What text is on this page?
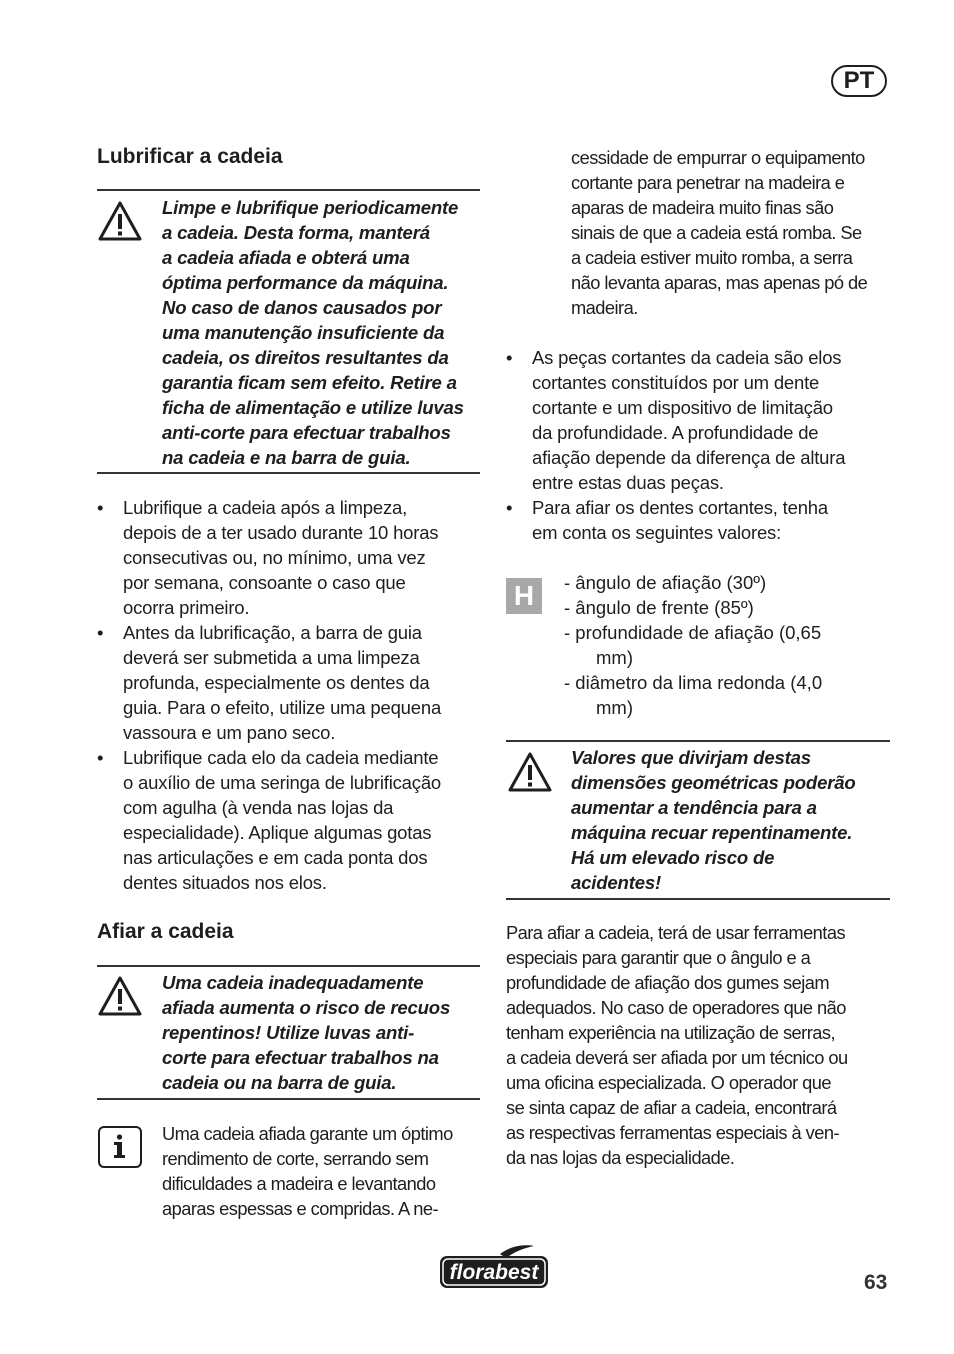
PT
Lubrificar a cadeia
Limpe e lubrifique periodicamente
a cadeia. Desta forma, manterá
a cadeia afiada e obterá uma
óptima performance da máquina.
No caso de danos causados por
uma manutenção insuficiente da
cadeia, os direitos resultantes da
garantia ficam sem efeito. Retire a
ficha de alimentação e utilize luvas
anti-corte para efectuar trabalhos
na cadeia e na barra de guia.
• Lubrifique a cadeia após a limpeza,
depois de a ter usado durante 10 horas
consecutivas ou, no mínimo, uma vez
por semana, consoante o caso que
ocorra primeiro.
• Antes da lubrificação, a barra de guia
deverá ser submetida a uma limpeza
profunda, especialmente os dentes da
guia. Para o efeito, utilize uma pequena
vassoura e um pano seco.
• Lubrifique cada elo da cadeia mediante
o auxílio de uma seringa de lubrificação
com agulha (à venda nas lojas da
especialidade). Aplique algumas gotas
nas articulações e em cada ponta dos
dentes situados nos elos.
Afiar a cadeia
Uma cadeia inadequadamente
afiada aumenta o risco de recuos
repentinos! Utilize luvas anti-
corte para efectuar trabalhos na
cadeia ou na barra de guia.
Uma cadeia afiada garante um óptimo
rendimento de corte, serrando sem
dificuldades a madeira e levantando
aparas espessas e compridas. A ne-
cessidade de empurrar o equipamento
cortante para penetrar na madeira e
aparas de madeira muito finas são
sinais de que a cadeia está romba. Se
a cadeia estiver muito romba, a serra
não levanta aparas, mas apenas pó de
madeira.
• As peças cortantes da cadeia são elos
cortantes constituídos por um dente
cortante e um dispositivo de limitação
da profundidade. A profundidade de
afiação depende da diferença de altura
entre estas duas peças.
• Para afiar os dentes cortantes, tenha
em conta os seguintes valores:
H	- ângulo de afiação (30º)
- ângulo de frente (85º)
- profundidade de afiação (0,65
mm)
- diâmetro da lima redonda (4,0
mm)
Valores que divirjam destas
dimensões geométricas poderão
aumentar a tendência para a
máquina recuar repentinamente.
Há um elevado risco de
acidentes!
Para afiar a cadeia, terá de usar ferramentas
especiais para garantir que o ângulo e a
profundidade de afiação dos gumes sejam
adequados. No caso de operadores que não
tenham experiência na utilização de serras,
a cadeia deverá ser afiada por um técnico ou
uma oficina especializada. O operador que
se sinta capaz de afiar a cadeia, encontrará
as respectivas ferramentas especiais à ven-
da nas lojas da especialidade.
florabest	63
